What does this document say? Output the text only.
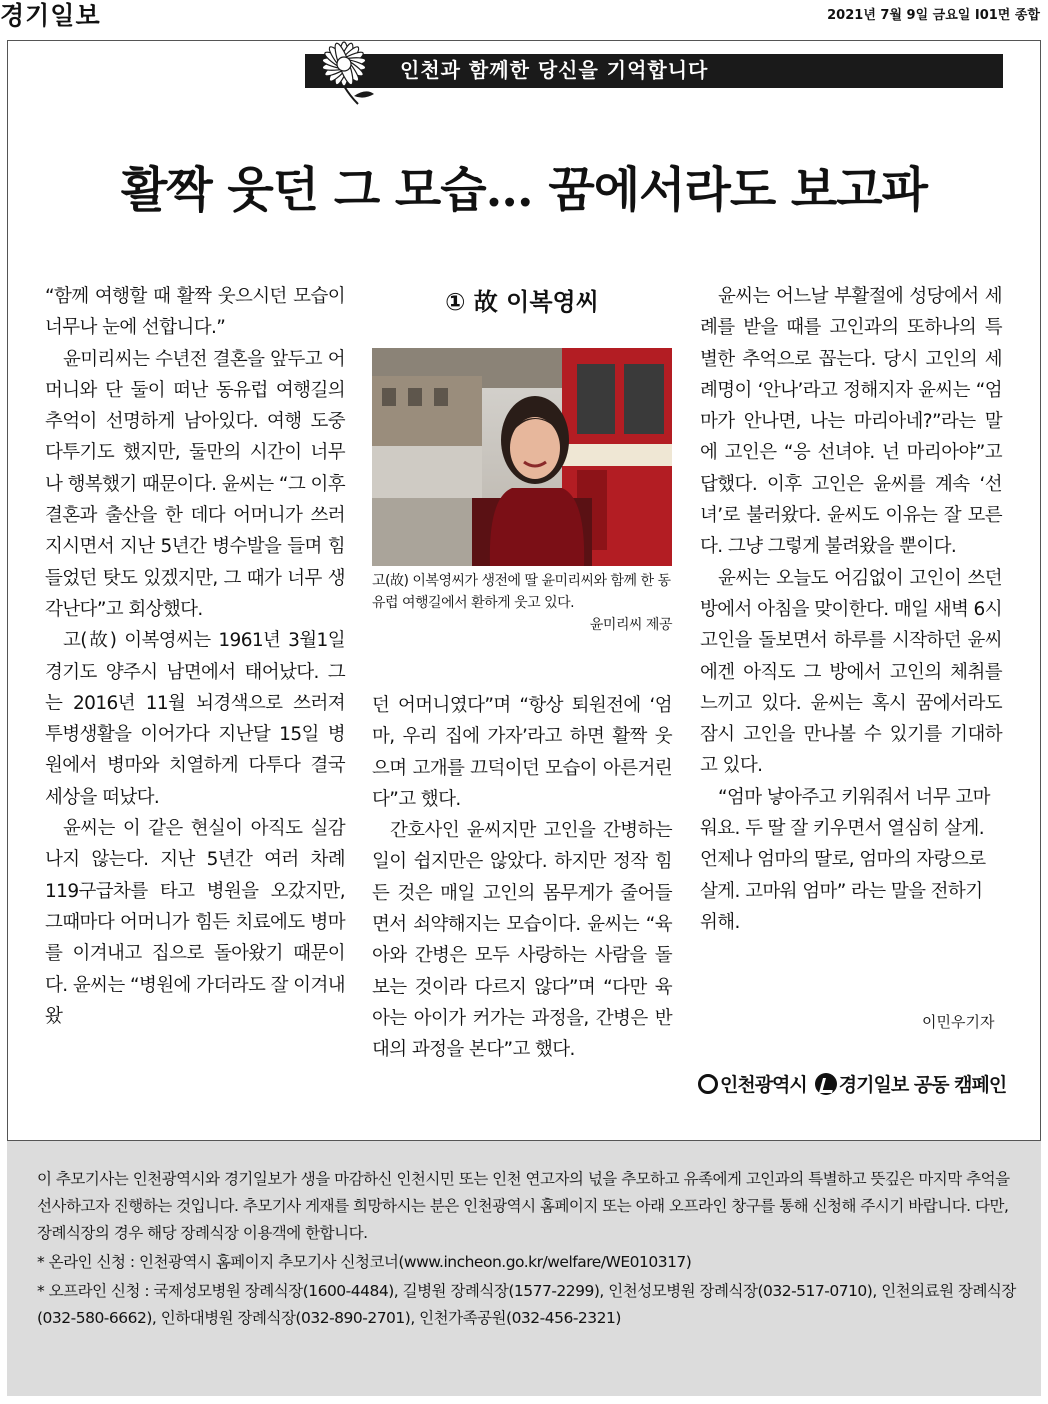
경기일보	2021년 7월 9일 금요일 I01면 종합
인천과 함께한 당신을 기억합니다
활짝 웃던 그 모습… 꿈에서라도 보고파

“함께 여행할 때 활짝 웃으시던 모습이 너무나 눈에 선합니다.”

윤미리씨는 수년전 결혼을 앞두고 어머니와 단 둘이 떠난 동유럽 여행길의 추억이 선명하게 남아있다. 여행 도중 다투기도 했지만, 둘만의 시간이 너무나 행복했기 때문이다. 윤씨는 “그 이후 결혼과 출산을 한 데다 어머니가 쓰러지시면서 지난 5년간 병수발을 들며 힘들었던 탓도 있겠지만, 그 때가 너무 생각난다”고 회상했다.

고(故) 이복영씨는 1961년 3월1일 경기도 양주시 남면에서 태어났다. 그는 2016년 11월 뇌경색으로 쓰러져 투병생활을 이어가다 지난달 15일 병원에서 병마와 치열하게 다투다 결국 세상을 떠났다.

윤씨는 이 같은 현실이 아직도 실감나지 않는다. 지난 5년간 여러 차례 119구급차를 타고 병원을 오갔지만, 그때마다 어머니가 힘든 치료에도 병마를 이겨내고 집으로 돌아왔기 때문이다. 윤씨는 “병원에 가더라도 잘 이겨내왔

① 故 이복영씨
고(故) 이복영씨가 생전에 딸 윤미리씨와 함께 한 동유럽 여행길에서 환하게 웃고 있다.
윤미리씨 제공

던 어머니였다”며 “항상 퇴원전에 ‘엄마, 우리 집에 가자’라고 하면 활짝 웃으며 고개를 끄덕이던 모습이 아른거린다”고 했다.

간호사인 윤씨지만 고인을 간병하는 일이 쉽지만은 않았다. 하지만 정작 힘든 것은 매일 고인의 몸무게가 줄어들면서 쇠약해지는 모습이다. 윤씨는 “육아와 간병은 모두 사랑하는 사람을 돌보는 것이라 다르지 않다”며 “다만 육아는 아이가 커가는 과정을, 간병은 반대의 과정을 본다”고 했다.

윤씨는 어느날 부활절에 성당에서 세례를 받을 때를 고인과의 또하나의 특별한 추억으로 꼽는다. 당시 고인의 세례명이 ‘안나’라고 정해지자 윤씨는 “엄마가 안나면, 나는 마리아네?”라는 말에 고인은 “응 선녀야. 넌 마리아야”고 답했다. 이후 고인은 윤씨를 계속 ‘선녀’로 불러왔다. 윤씨도 이유는 잘 모른다. 그냥 그렇게 불려왔을 뿐이다.

윤씨는 오늘도 어김없이 고인이 쓰던 방에서 아침을 맞이한다. 매일 새벽 6시 고인을 돌보면서 하루를 시작하던 윤씨에겐 아직도 그 방에서 고인의 체취를 느끼고 있다. 윤씨는 혹시 꿈에서라도 잠시 고인을 만나볼 수 있기를 기대하고 있다.

“엄마 낳아주고 키워줘서 너무 고마워요. 두 딸 잘 키우면서 열심히 살게. 언제나 엄마의 딸로, 엄마의 자랑으로 살게. 고마워 엄마” 라는 말을 전하기 위해.

이민우기자
인천광역시 경기일보 공동 캠페인

이 추모기사는 인천광역시와 경기일보가 생을 마감하신 인천시민 또는 인천 연고자의 넋을 추모하고 유족에게 고인과의 특별하고 뜻깊은 마지막 추억을 선사하고자 진행하는 것입니다. 추모기사 게재를 희망하시는 분은 인천광역시 홈페이지 또는 아래 오프라인 창구를 통해 신청해 주시기 바랍니다. 다만, 장례식장의 경우 해당 장례식장 이용객에 한합니다.

* 온라인 신청 : 인천광역시 홈페이지 추모기사 신청코너(www.incheon.go.kr/welfare/WE010317)

* 오프라인 신청 : 국제성모병원 장례식장(1600-4484), 길병원 장례식장(1577-2299), 인천성모병원 장례식장(032-517-0710), 인천의료원 장례식장 (032-580-6662), 인하대병원 장례식장(032-890-2701), 인천가족공원(032-456-2321)
